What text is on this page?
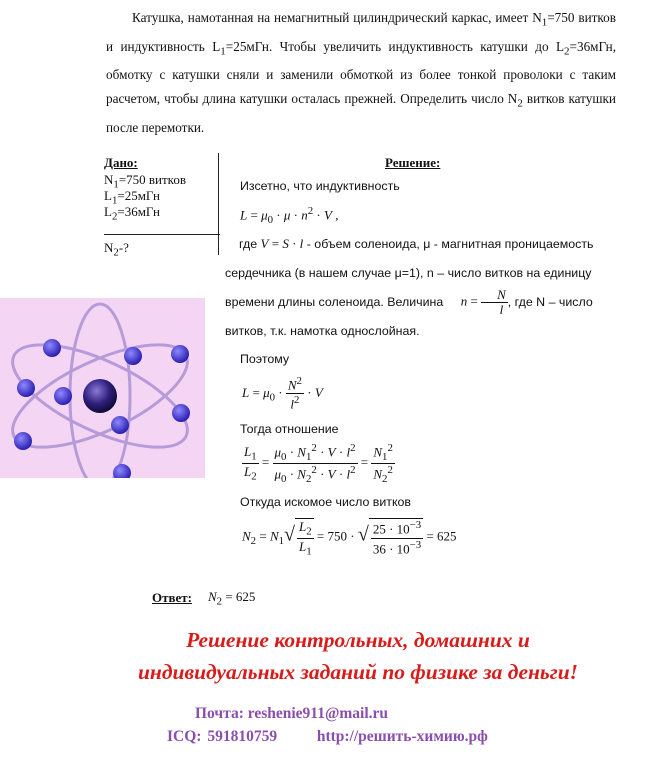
Катушка, намотанная на немагнитный цилиндрический каркас, имеет $N_1=750$ витков и индуктивность $L_1=25мГн$. Чтобы увеличить индуктивность катушки до $L_2=36мГн$, обмотку с катушки сняли и заменили обмоткой из более тонкой проволоки с таким расчетом, чтобы длина катушки осталась прежней. Определить число $N_2$ витков катушки после перемотки.
Дано:
$N_1=750$ витков
$L_1=25мГн$
$L_2=36мГн$
$N_2-$?
Решение:
Изсетно, что индуктивность
$L = \mu_0 \cdot \mu \cdot n^2 \cdot V$ ,
где V = S · l - объем соленоида, μ - магнитная проницаемость сердечника (в нашем случае μ=1), n – число витков на единицу времени длины соленоида. Величина $n = \frac{N}{l}$ , где N – число витков, т.к. намотка однослойная.
Поэтому
$L = \mu_0 \cdot \frac{N^2}{l^2} \cdot V$
Тогда отношение
$\frac{L_1}{L_2} = \frac{\mu_0 \cdot N_1^2 \cdot V \cdot l^2}{\mu_0 \cdot N_2^2 \cdot V \cdot l^2} = \frac{N_1^2}{N_2^2}$
Откуда искомое число витков
$N_2 = N_1√ \frac{L_2}{L_1} = 750$ · √ $\frac{25 \cdot 10^{-3}}{36 \cdot 10^{-3}} = 625$
Ответ: $N_2 = 625$
Решение контрольных, домашних и
индивидуальных заданий по физике за деньги!
Почта: reshenie911@mail.ru
ICQ: 591810759	http://решить-химию.рф
